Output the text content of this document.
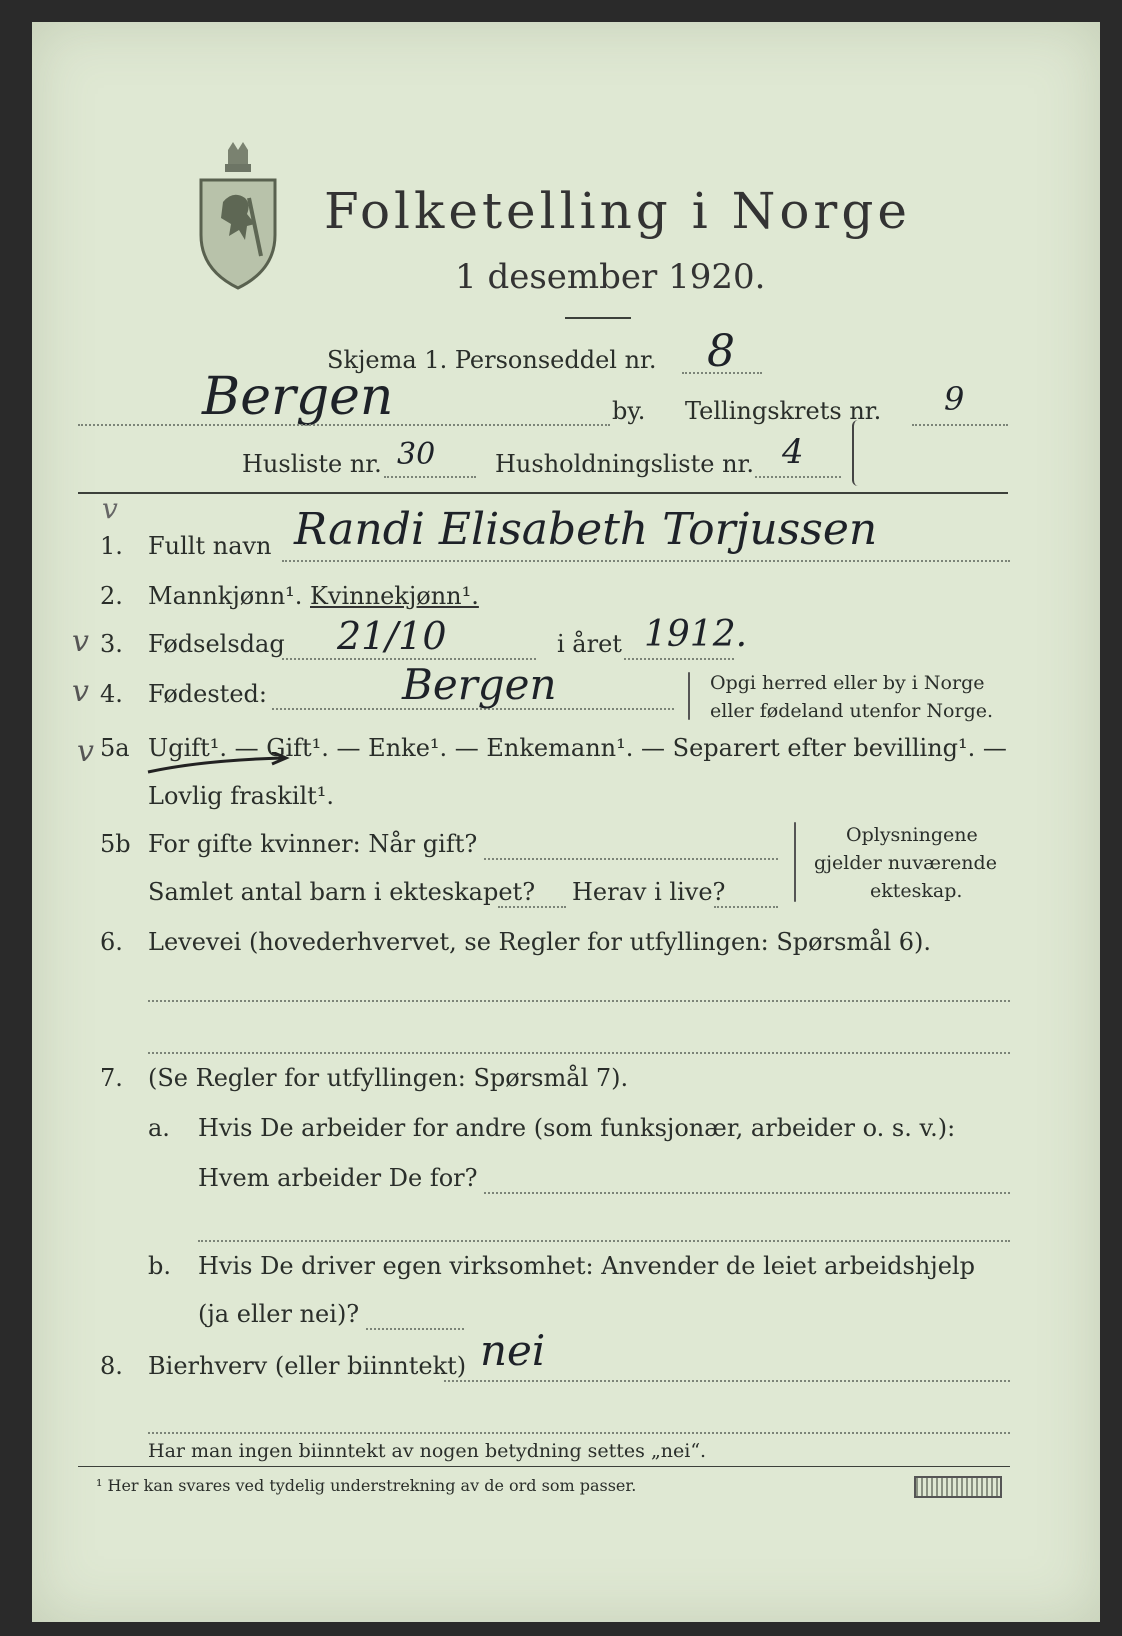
Folketelling i Norge
1 desember 1920.
Skjema 1. Personseddel nr. 8
Bergen	by. Tellingskrets nr. 9
Husliste nr. 30 Husholdningsliste nr. 4
1. Fullt navn Randi Elisabeth Torjussen
2. Mannkjønn¹. Kvinnekjønn¹.
3. Fødselsdag 21/10	i året 1912.
4. Fødested:	Bergen	Opgi herred eller by i Norge
eller fødeland utenfor Norge.
v
v
v
v
5a Ugift¹. — Gift¹. — Enke¹. — Enkemann¹. — Separert efter bevilling¹. —
Lovlig fraskilt¹.
5b For gifte kvinner: Når gift?
Samlet antal barn i ekteskapet? Herav i live?
Oplysningene
gjelder nuværende
ekteskap.
6. Levevei (hovederhvervet, se Regler for utfyllingen: Spørsmål 6).
7. (Se Regler for utfyllingen: Spørsmål 7).
a. Hvis De arbeider for andre (som funksjonær, arbeider o. s. v.):
Hvem arbeider De for?
b. Hvis De driver egen virksomhet: Anvender de leiet arbeidshjelp
(ja eller nei)?
8. Bierhverv (eller biinntekt) nei
Har man ingen biinntekt av nogen betydning settes „nei“.
¹ Her kan svares ved tydelig understrekning av de ord som passer.
